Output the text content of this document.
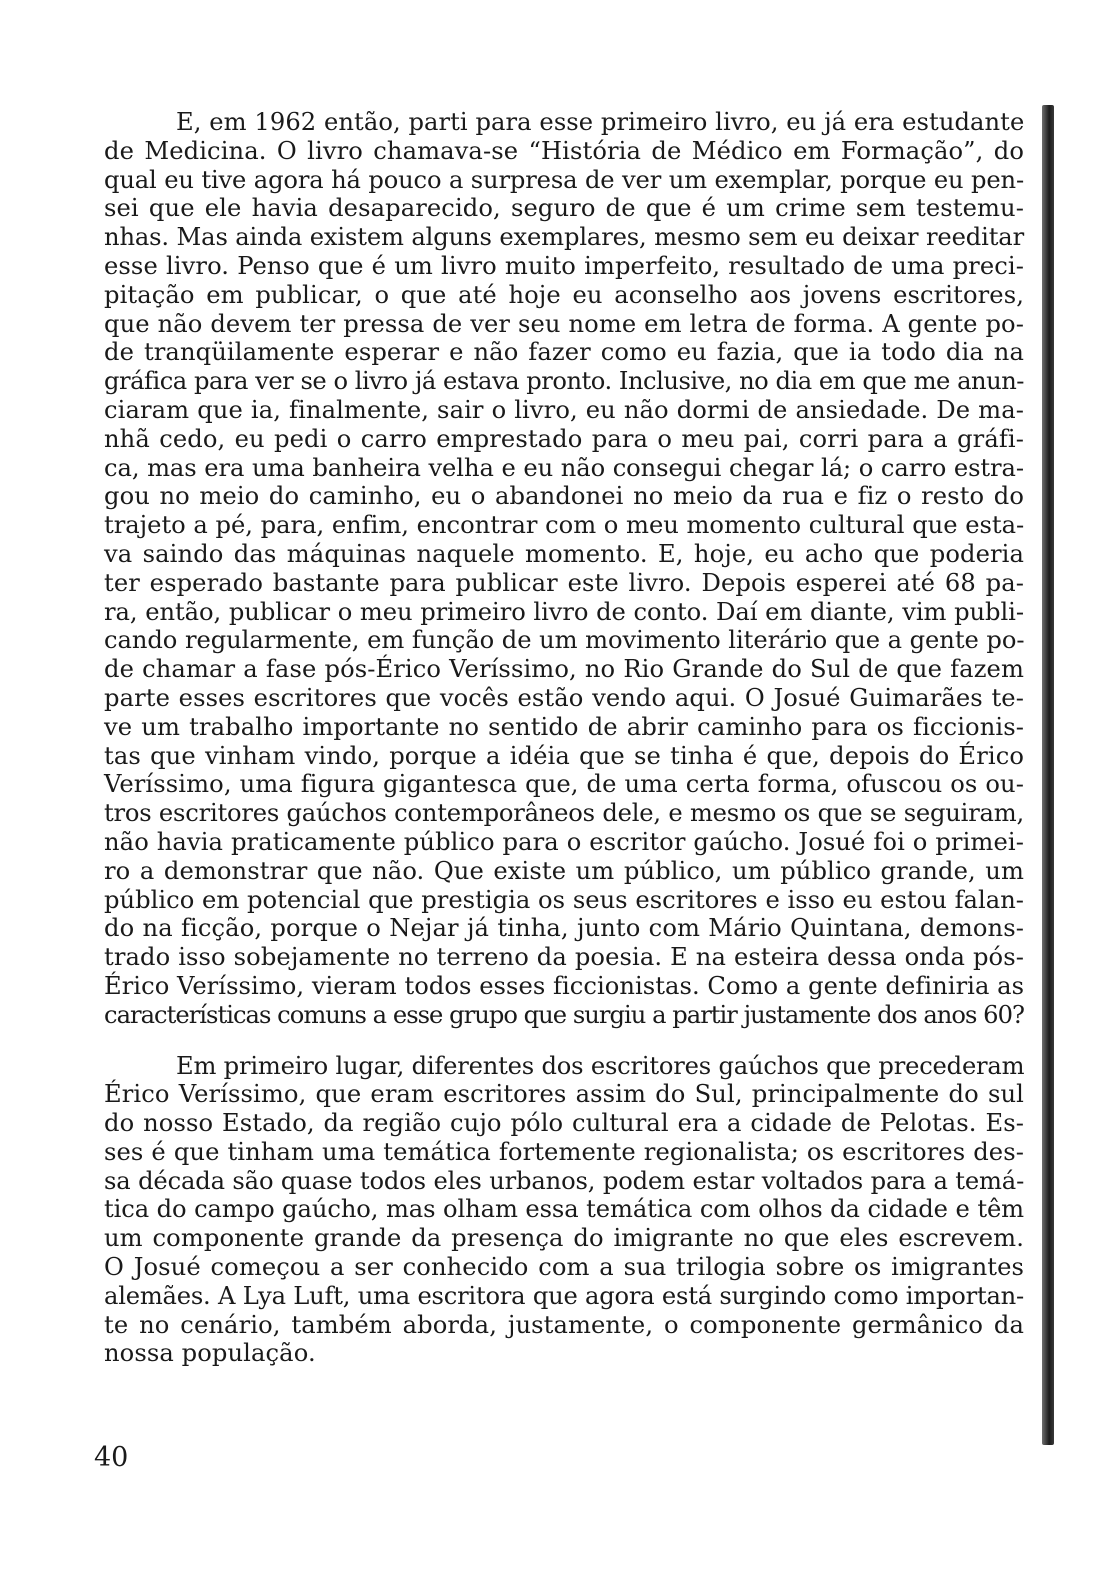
E, em 1962 então, parti para esse primeiro livro, eu já era estudante
de Medicina. O livro chamava-se “História de Médico em Formação”, do
qual eu tive agora há pouco a surpresa de ver um exemplar, porque eu pen-
sei que ele havia desaparecido, seguro de que é um crime sem testemu-
nhas. Mas ainda existem alguns exemplares, mesmo sem eu deixar reeditar
esse livro. Penso que é um livro muito imperfeito, resultado de uma preci-
pitação em publicar, o que até hoje eu aconselho aos jovens escritores,
que não devem ter pressa de ver seu nome em letra de forma. A gente po-
de tranqüilamente esperar e não fazer como eu fazia, que ia todo dia na
gráfica para ver se o livro já estava pronto. Inclusive, no dia em que me anun-
ciaram que ia, finalmente, sair o livro, eu não dormi de ansiedade. De ma-
nhã cedo, eu pedi o carro emprestado para o meu pai, corri para a gráfi-
ca, mas era uma banheira velha e eu não consegui chegar lá; o carro estra-
gou no meio do caminho, eu o abandonei no meio da rua e fiz o resto do
trajeto a pé, para, enfim, encontrar com o meu momento cultural que esta-
va saindo das máquinas naquele momento. E, hoje, eu acho que poderia
ter esperado bastante para publicar este livro. Depois esperei até 68 pa-
ra, então, publicar o meu primeiro livro de conto. Daí em diante, vim publi-
cando regularmente, em função de um movimento literário que a gente po-
de chamar a fase pós-Érico Veríssimo, no Rio Grande do Sul de que fazem
parte esses escritores que vocês estão vendo aqui. O Josué Guimarães te-
ve um trabalho importante no sentido de abrir caminho para os ficcionis-
tas que vinham vindo, porque a idéia que se tinha é que, depois do Érico
Veríssimo, uma figura gigantesca que, de uma certa forma, ofuscou os ou-
tros escritores gaúchos contemporâneos dele, e mesmo os que se seguiram,
não havia praticamente público para o escritor gaúcho. Josué foi o primei-
ro a demonstrar que não. Que existe um público, um público grande, um
público em potencial que prestigia os seus escritores e isso eu estou falan-
do na ficção, porque o Nejar já tinha, junto com Mário Quintana, demons-
trado isso sobejamente no terreno da poesia. E na esteira dessa onda pós-
Érico Veríssimo, vieram todos esses ficcionistas. Como a gente definiria as
características comuns a esse grupo que surgiu a partir justamente dos anos 60?

Em primeiro lugar, diferentes dos escritores gaúchos que precederam
Érico Veríssimo, que eram escritores assim do Sul, principalmente do sul
do nosso Estado, da região cujo pólo cultural era a cidade de Pelotas. Es-
ses é que tinham uma temática fortemente regionalista; os escritores des-
sa década são quase todos eles urbanos, podem estar voltados para a temá-
tica do campo gaúcho, mas olham essa temática com olhos da cidade e têm
um componente grande da presença do imigrante no que eles escrevem.
O Josué começou a ser conhecido com a sua trilogia sobre os imigrantes
alemães. A Lya Luft, uma escritora que agora está surgindo como importan-
te no cenário, também aborda, justamente, o componente germânico da
nossa população.

40
